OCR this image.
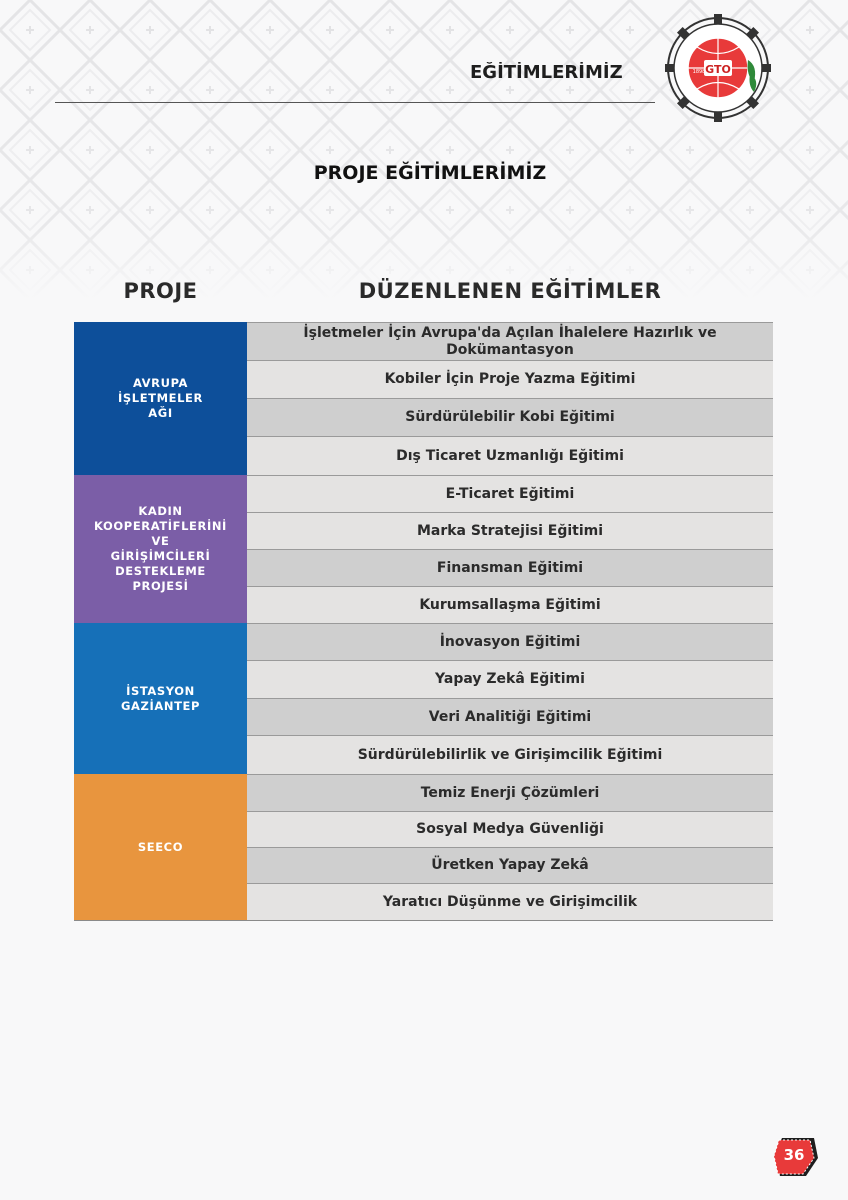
EĞİTİMLERİMİZ	GTO
1898
PROJE EĞİTİMLERİMİZ
PROJE	DÜZENLENEN EĞİTİMLER
AVRUPA
İŞLETMELER
AĞI
İşletmeler İçin Avrupa'da Açılan İhalelere Hazırlık ve Dokümantasyon
Kobiler İçin Proje Yazma Eğitimi
Sürdürülebilir Kobi Eğitimi
Dış Ticaret Uzmanlığı Eğitimi
KADIN
KOOPERATİFLERİNİ
VE
GİRİŞİMCİLERİ
DESTEKLEME
PROJESİ
E-Ticaret Eğitimi
Marka Stratejisi Eğitimi
Finansman Eğitimi
Kurumsallaşma Eğitimi
İSTASYON
GAZİANTEP
İnovasyon Eğitimi
Yapay Zekâ Eğitimi
Veri Analitiği Eğitimi
Sürdürülebilirlik ve Girişimcilik Eğitimi
SEECO
Temiz Enerji Çözümleri
Sosyal Medya Güvenliği
Üretken Yapay Zekâ
Yaratıcı Düşünme ve Girişimcilik
36
